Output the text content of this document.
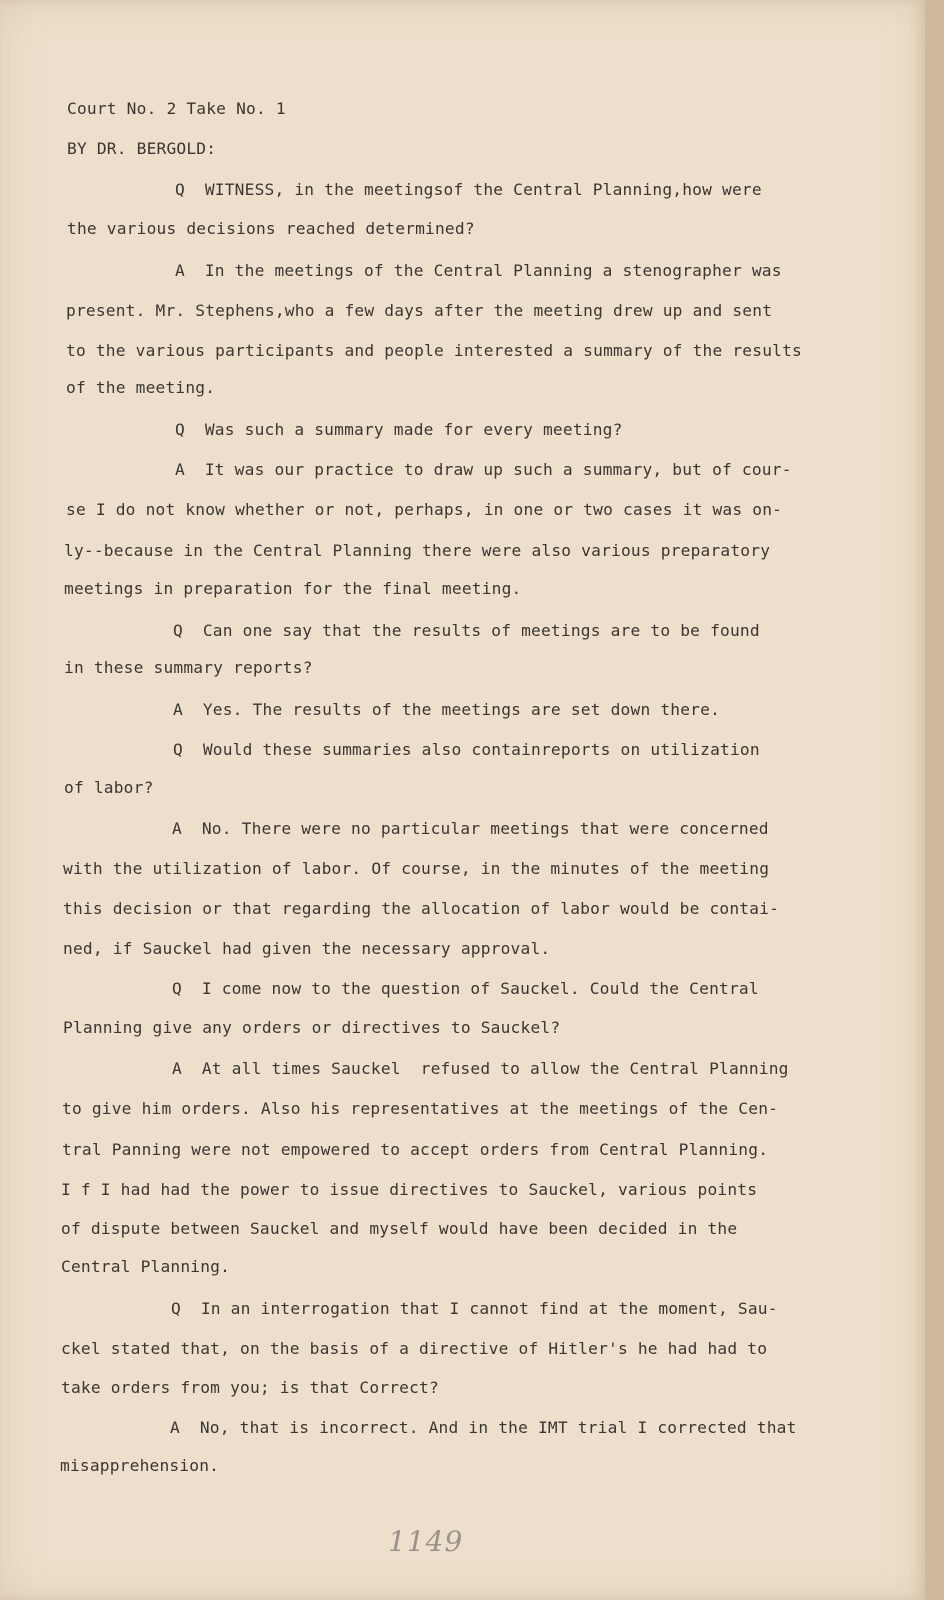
Court No. 2 Take No. 1

BY DR. BERGOLD:

Q  WITNESS, in the meetingsof the Central Planning,how were

the various decisions reached determined?

A  In the meetings of the Central Planning a stenographer was

present. Mr. Stephens,who a few days after the meeting drew up and sent

to the various participants and people interested a summary of the results

of the meeting.

Q  Was such a summary made for every meeting?

A  It was our practice to draw up such a summary, but of cour-

se I do not know whether or not, perhaps, in one or two cases it was on-

ly--because in the Central Planning there were also various preparatory

meetings in preparation for the final meeting.

Q  Can one say that the results of meetings are to be found

in these summary reports?

A  Yes. The results of the meetings are set down there.

Q  Would these summaries also containreports on utilization

of labor?

A  No. There were no particular meetings that were concerned

with the utilization of labor. Of course, in the minutes of the meeting

this decision or that regarding the allocation of labor would be contai-

ned, if Sauckel had given the necessary approval.

Q  I come now to the question of Sauckel. Could the Central

Planning give any orders or directives to Sauckel?

A  At all times Sauckel  refused to allow the Central Planning

to give him orders. Also his representatives at the meetings of the Cen-

tral Panning were not empowered to accept orders from Central Planning.

I f I had had the power to issue directives to Sauckel, various points

of dispute between Sauckel and myself would have been decided in the

Central Planning.

Q  In an interrogation that I cannot find at the moment, Sau-

ckel stated that, on the basis of a directive of Hitler's he had had to

take orders from you; is that Correct?

A  No, that is incorrect. And in the IMT trial I corrected that

misapprehension.

1149
